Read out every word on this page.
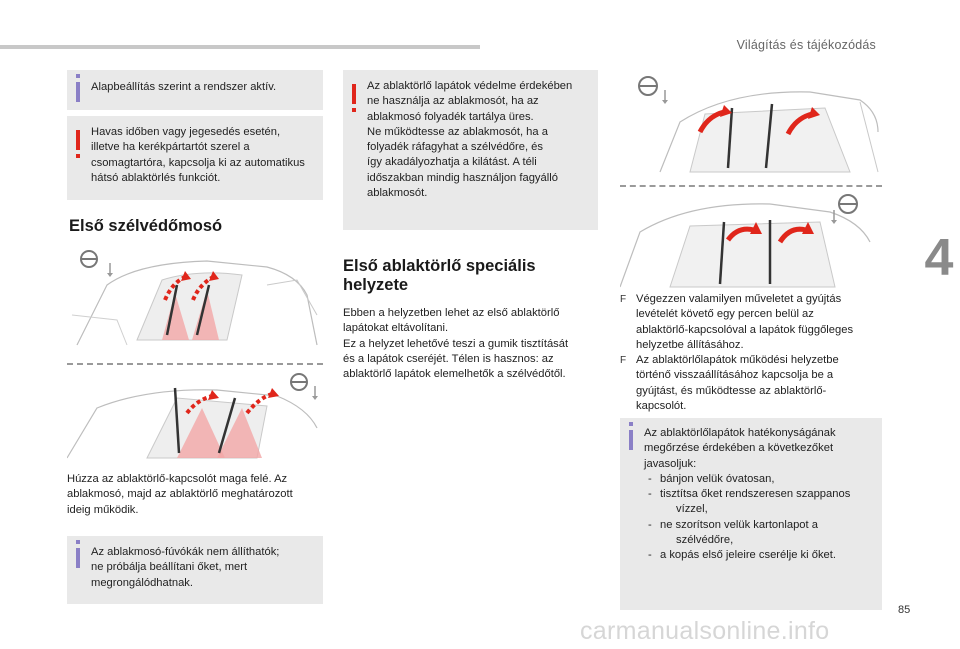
Világítás és tájékozódás
4
85
carmanualsonline.info

Alapbeállítás szerint a rendszer aktív.

Havas időben vagy jegesedés esetén,

illetve ha kerékpártartót szerel a

csomagtartóra, kapcsolja ki az automatikus

hátsó ablaktörlés funkciót.

Első szélvédőmosó

Húzza az ablaktörlő-kapcsolót maga felé. Az

ablakmosó, majd az ablaktörlő meghatározott

ideig működik.

Az ablakmosó-fúvókák nem állíthatók;

ne próbálja beállítani őket, mert

megrongálódhatnak.

Az ablaktörlő lapátok védelme érdekében

ne használja az ablakmosót, ha az

ablakmosó folyadék tartálya üres.

Ne működtesse az ablakmosót, ha a

folyadék ráfagyhat a szélvédőre, és

így akadályozhatja a kilátást. A téli

időszakban mindig használjon fagyálló

ablakmosót.

Első ablaktörlő speciális
helyzete

Ebben a helyzetben lehet az első ablaktörlő

lapátokat eltávolítani.

Ez a helyzet lehetővé teszi a gumik tisztítását

és a lapátok cseréjét. Télen is hasznos: az

ablaktörlő lapátok elemelhetők a szélvédőtől.

F Végezzen valamilyen műveletet a gyújtás
levételét követő egy percen belül az
ablaktörlő-kapcsolóval a lapátok függőleges
helyzetbe állításához.
F Az ablaktörlőlapátok működési helyzetbe
történő visszaállításához kapcsolja be a
gyújtást, és működtesse az ablaktörlő-
kapcsolót.

Az ablaktörlőlapátok hatékonyságának

megőrzése érdekében a következőket

javasoljuk:

- bánjon velük óvatosan,
- tisztítsa őket rendszeresen szappanos
vízzel,
- ne szorítson velük kartonlapot a
szélvédőre,
- a kopás első jeleire cserélje ki őket.
